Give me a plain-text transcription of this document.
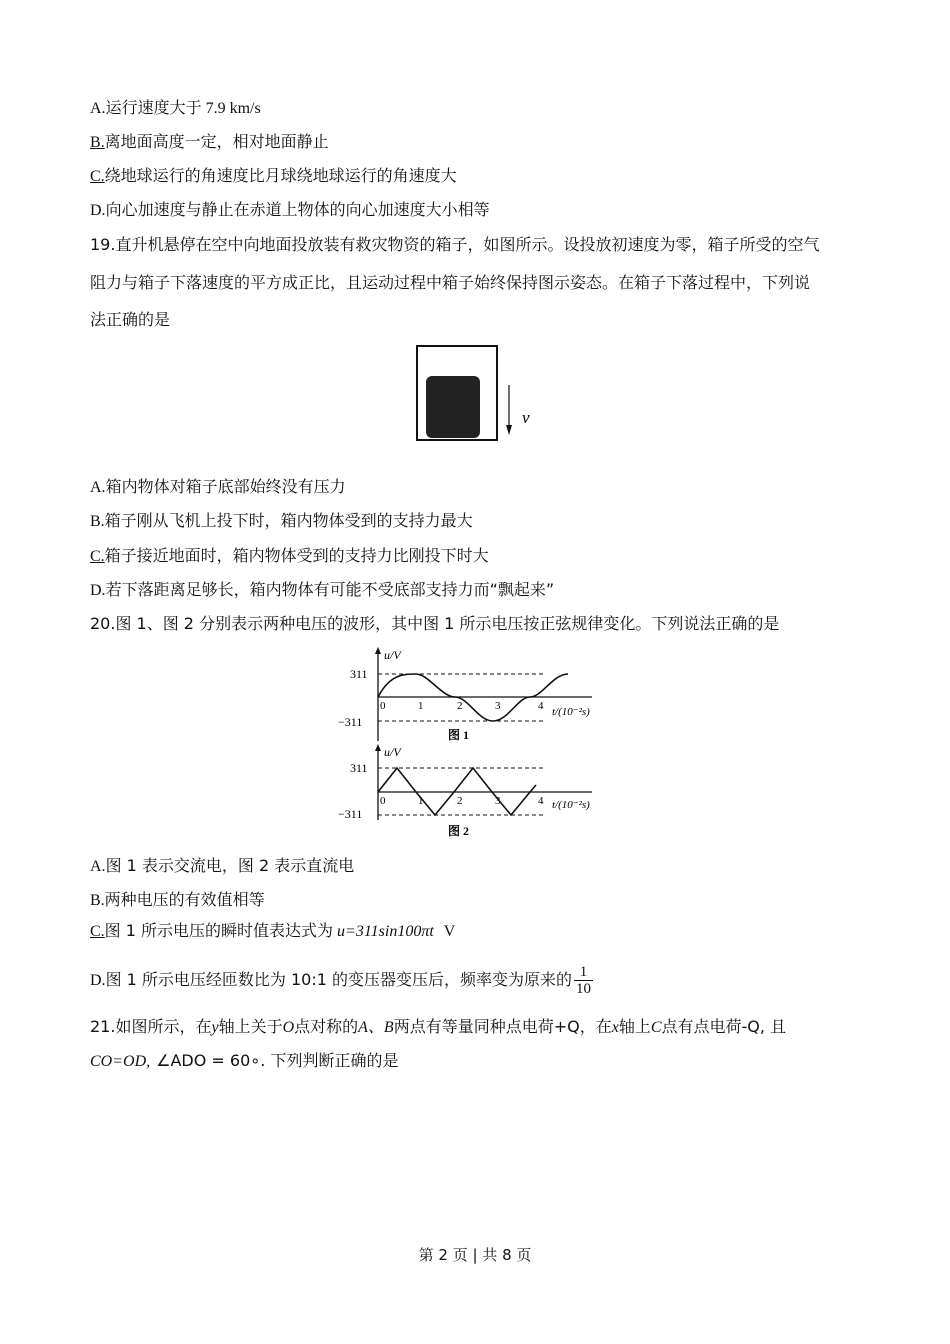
A.运行速度大于 7.9 km/s
B.离地面高度一定，相对地面静止
C.绕地球运行的角速度比月球绕地球运行的角速度大
D.向心加速度与静止在赤道上物体的向心加速度大小相等
19.直升机悬停在空中向地面投放装有救灾物资的箱子，如图所示。设投放初速度为零，箱子所受的空气
阻力与箱子下落速度的平方成正比，且运动过程中箱子始终保持图示姿态。在箱子下落过程中，下列说
法正确的是
v
A.箱内物体对箱子底部始终没有压力
B.箱子刚从飞机上投下时，箱内物体受到的支持力最大
C.箱子接近地面时，箱内物体受到的支持力比刚投下时大
D.若下落距离足够长，箱内物体有可能不受底部支持力而“飘起来”
20.图 1、图 2 分别表示两种电压的波形，其中图 1 所示电压按正弦规律变化。下列说法正确的是
u/V
311
−311
0	1	2	3	4 t/(10⁻²s)
图 1
u/V
311
−311
0	1	2	3	4 t/(10⁻²s)
图 2
A.图 1 表示交流电，图 2 表示直流电
B.两种电压的有效值相等
C.图 1 所示电压的瞬时值表达式为 u=311sin100πt V
D.图 1 所示电压经匝数比为 10:1 的变压器变压后，频率变为原来的 $\frac{1}{10}$
21.如图所示，在y轴上关于O点对称的A、B两点有等量同种点电荷+Q，在x轴上C点有点电荷-Q, 且
CO=OD, ∠ADO = 60∘. 下列判断正确的是
第 2 页 | 共 8 页
